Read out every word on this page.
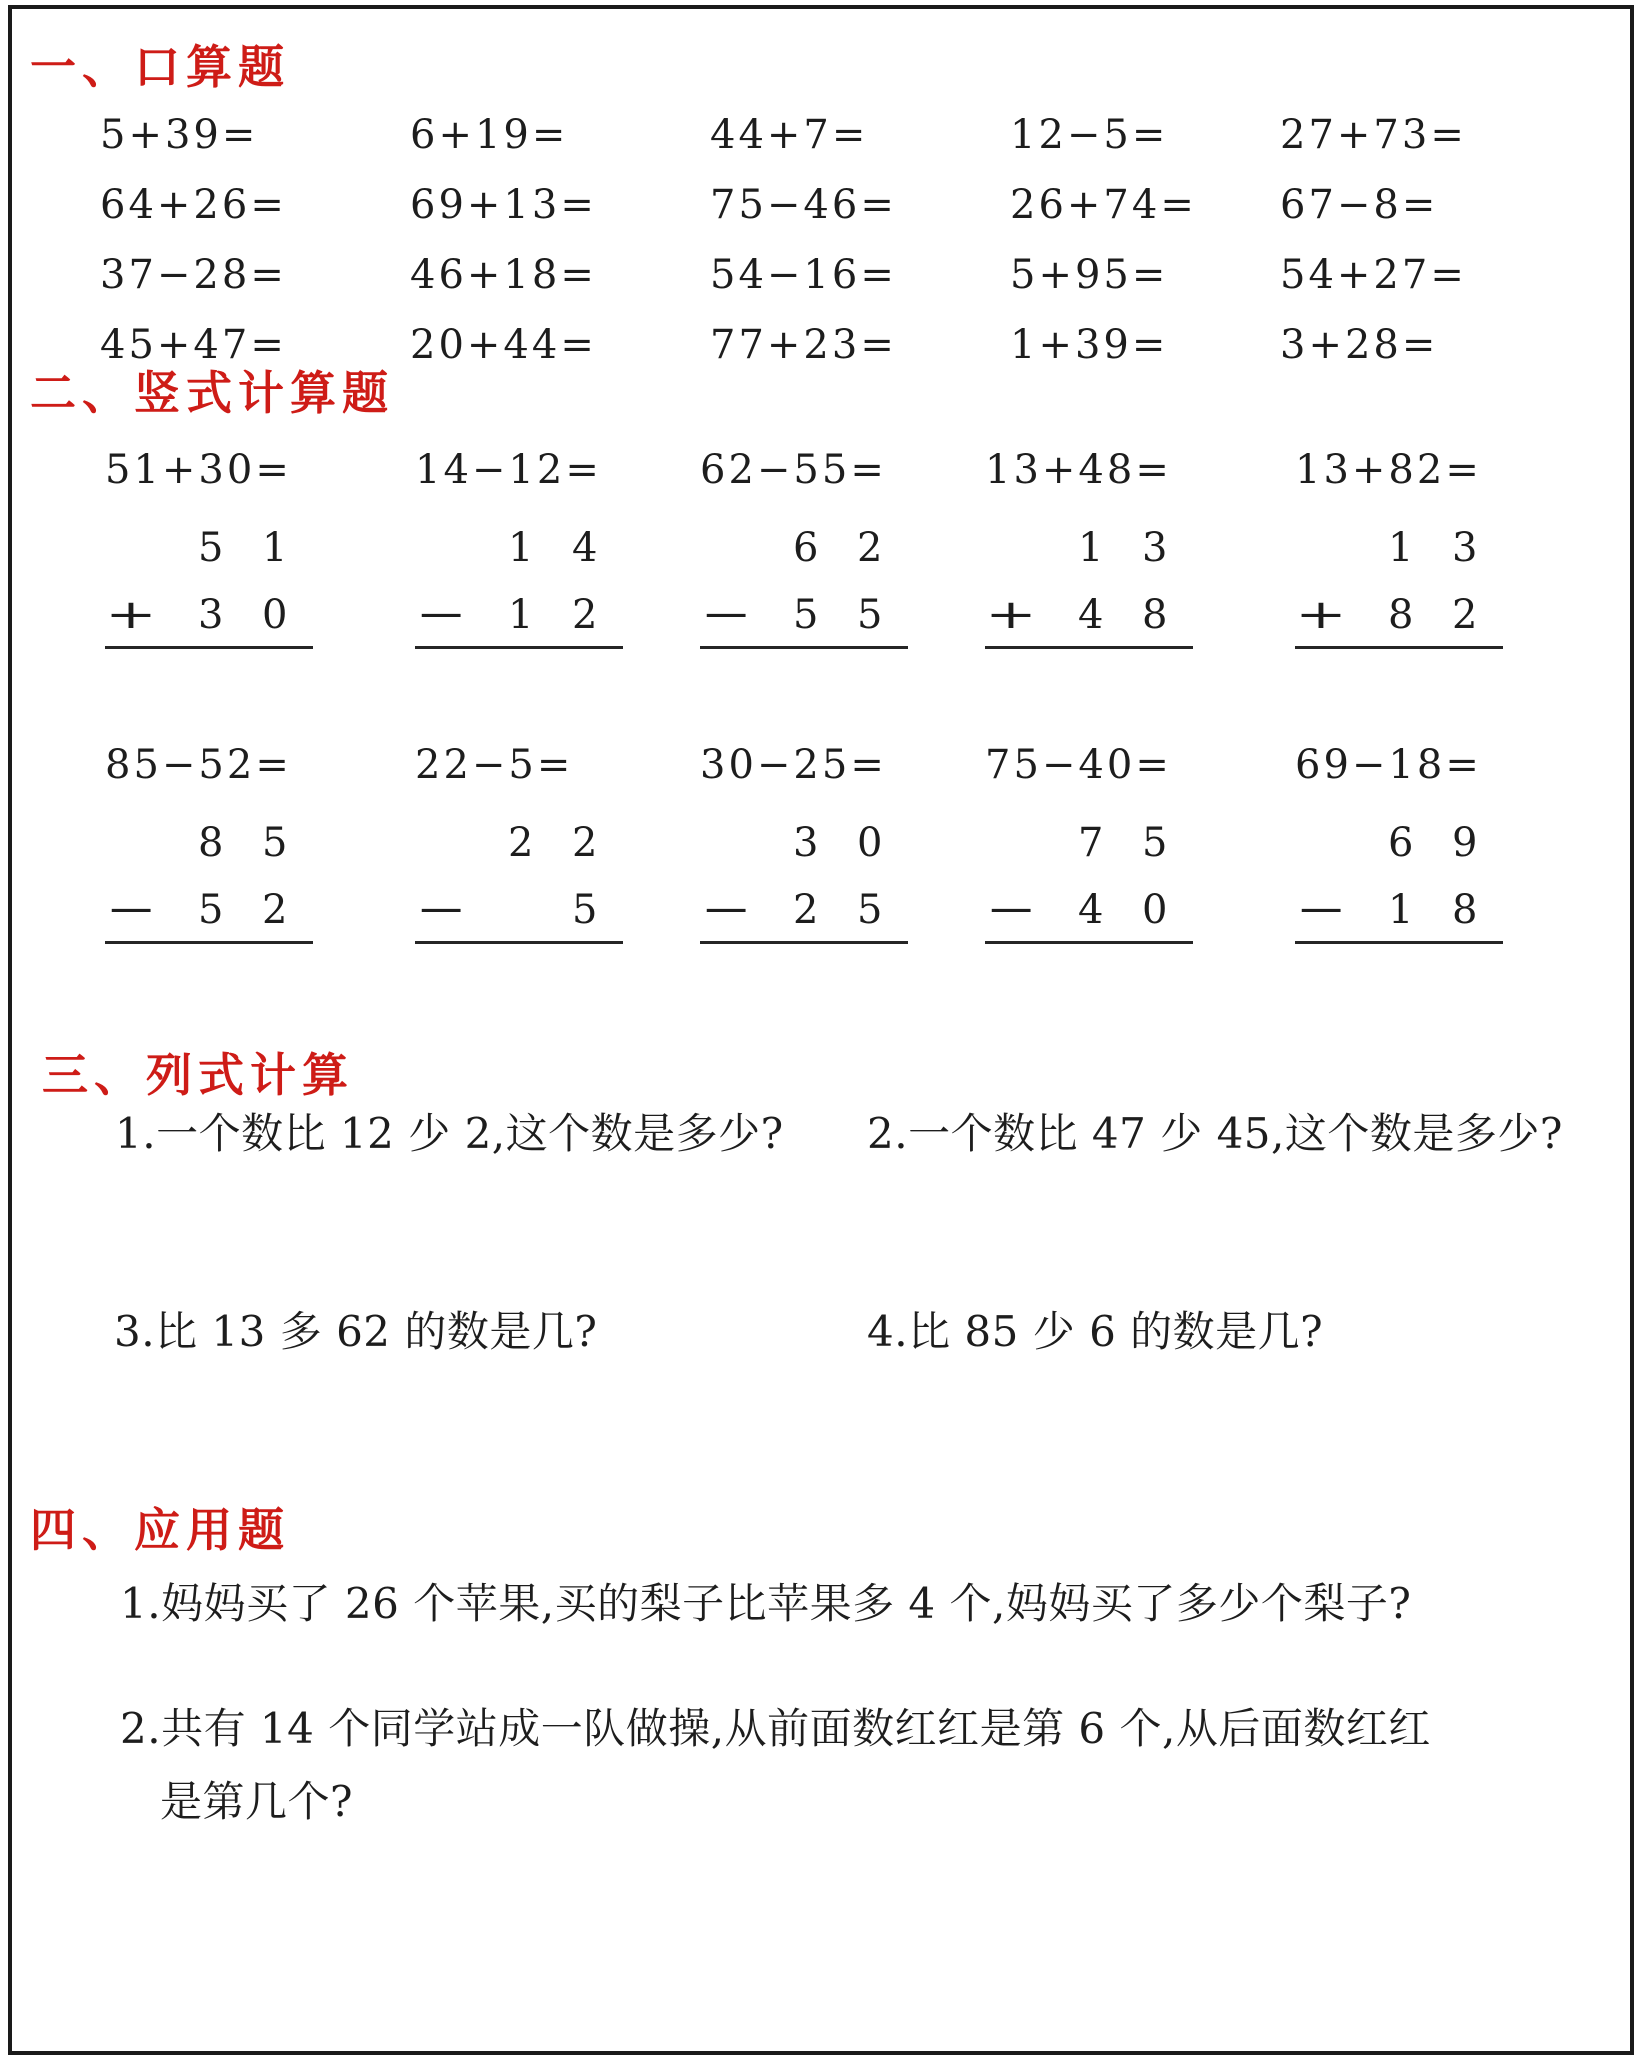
一、口算题
5+39=	6+19=	44+7=	12−5=	27+73=
64+26=	69+13=	75−46=	26+74=	67−8=
37−28=	46+18=	54−16=	5+95=	54+27=
45+47=	20+44=	77+23=	1+39=	3+28=
二、竖式计算题
51+30=
5 1
+ 3 0
14−12=
1 4
− 1 2
62−55=
6 2
− 5 5
13+48=
1 3
+ 4 8
13+82=
1 3
+ 8 2
85−52=
8 5
− 5 2
22−5=
2 2
−	5
30−25=
3 0
− 2 5
75−40=
7 5
− 4 0
69−18=
6 9
− 1 8
三、列式计算
1.一个数比 12 少 2,这个数是多少? 2.一个数比 47 少 45,这个数是多少?
3.比 13 多 62 的数是几?	4.比 85 少 6 的数是几?
四、应用题
1.妈妈买了 26 个苹果,买的梨子比苹果多 4 个,妈妈买了多少个梨子?
2.共有 14 个同学站成一队做操,从前面数红红是第 6 个,从后面数红红
是第几个?
